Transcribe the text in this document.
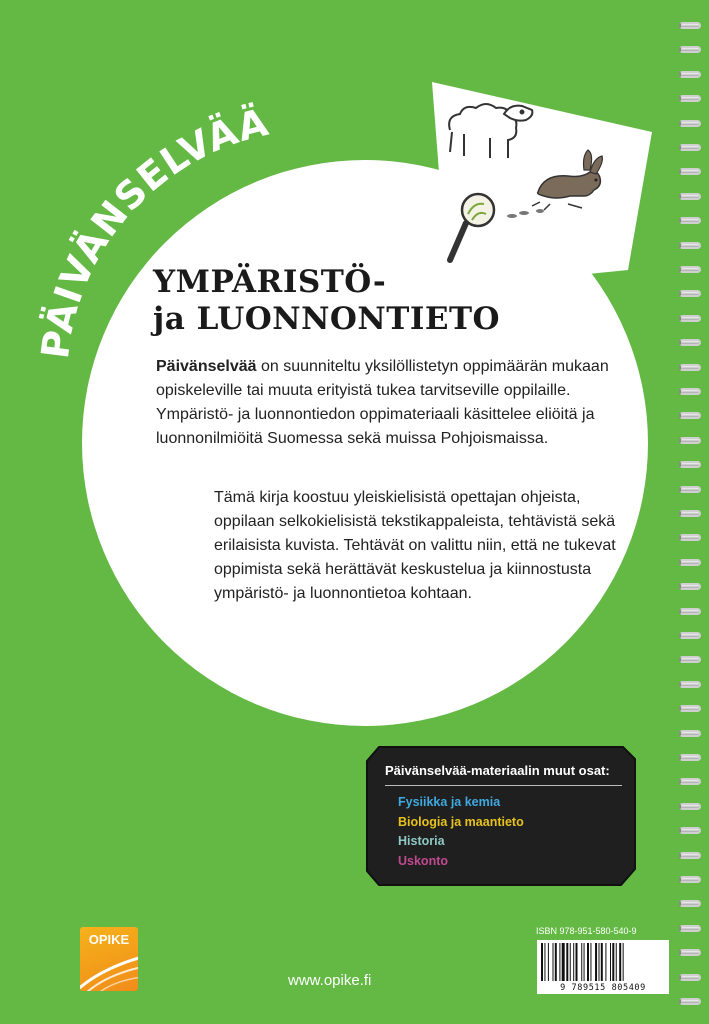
PÄIVÄNSELVÄÄ
YMPÄRISTÖ-
ja LUONNONTIETO

Päivänselvää on suunniteltu yksilöllistetyn oppimäärän mukaan opiskeleville tai muuta erityistä tukea tarvitseville oppilaille. Ympäristö- ja luonnontiedon oppimateriaali käsittelee eliöitä ja luonnonilmiöitä Suomessa sekä muissa Pohjoismaissa.

Tämä kirja koostuu yleiskielisistä opettajan ohjeista, oppilaan selkokielisistä tekstikappaleista, tehtävistä sekä erilaisista kuvista. Tehtävät on valittu niin, että ne tukevat oppimista sekä herättävät keskustelua ja kiinnostusta ympäristö- ja luonnontietoa kohtaan.

Päivänselvää-materiaalin muut osat:

Fysiikka ja kemia
Biologia ja maantieto
Historia
Uskonto
OPIKE

www.opike.fi

ISBN 978-951-580-540-9

9 789515 805409
